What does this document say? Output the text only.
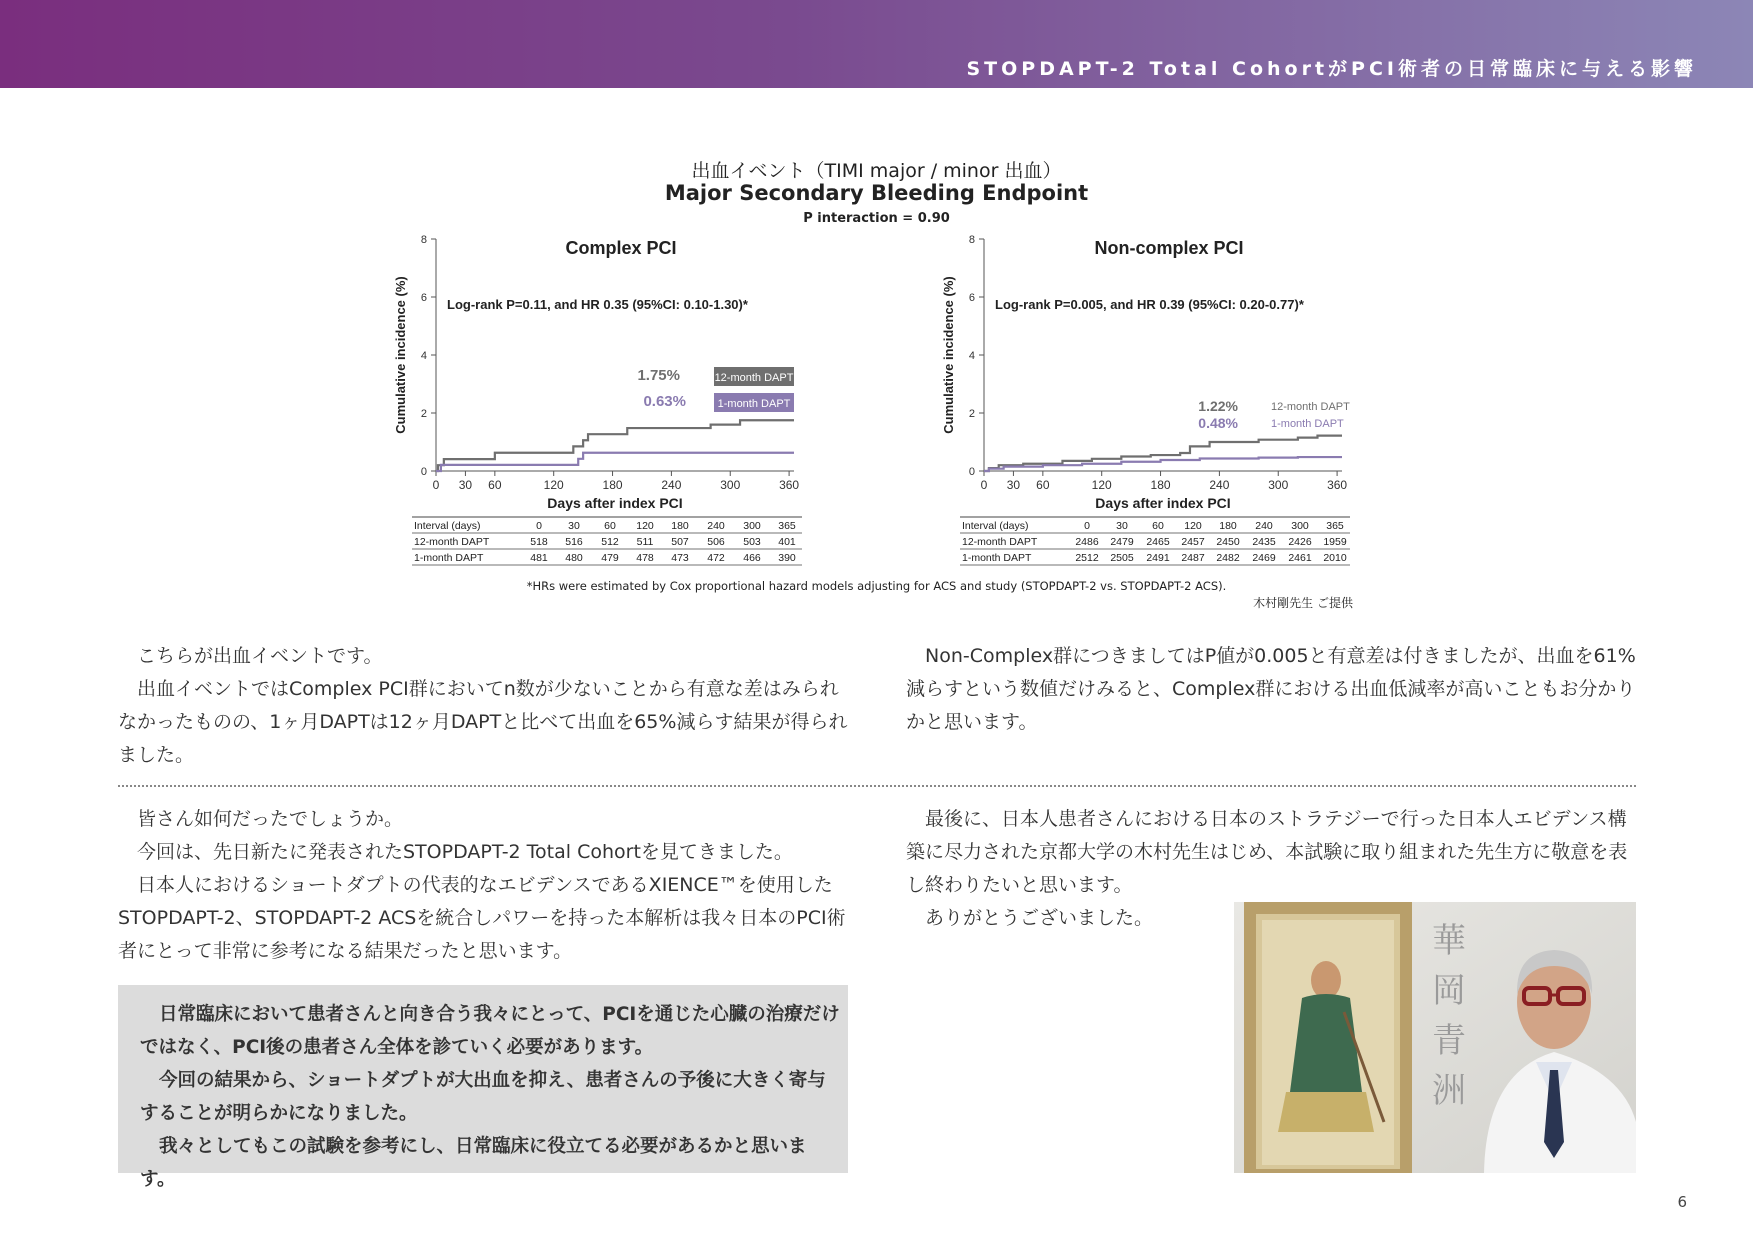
STOPDAPT-2 Total CohortがPCI術者の日常臨床に与える影響
出血イベント（TIMI major / minor 出血）
Major Secondary Bleeding Endpoint
P interaction = 0.90
0
2
4
6
8
0 30 60	120	180	240	300	360
Cumulative incidence (%)
Days after index PCI
Complex PCI
Log-rank P=0.11, and HR 0.35 (95%CI: 0.10-1.30)*
1.75%	12-month DAPT
0.63%	1-month DAPT
Interval (days)	0 30 60 120 180 240 300 365
12-month DAPT	518 516 512 511 507 506 503 401
1-month DAPT	481 480 479 478 473 472 466 390
0
2
4
6
8
0 30 60	120	180	240	300	360
Cumulative incidence (%)
Days after index PCI
Non-complex PCI
Log-rank P=0.005, and HR 0.39 (95%CI: 0.20-0.77)*
1.22%	12-month DAPT
0.48%	1-month DAPT
Interval (days)	0 30 60 120 180 240 300 365
12-month DAPT	2486 2479 2465 2457 2450 2435 2426 1959
1-month DAPT	2512 2505 2491 2487 2482 2469 2461 2010
*HRs were estimated by Cox proportional hazard models adjusting for ACS and study (STOPDAPT-2 vs. STOPDAPT-2 ACS).
木村剛先生 ご提供

こちらが出血イベントです。

出血イベントではComplex PCI群においてn数が少ないことから有意な差はみられなかったものの、1ヶ月DAPTは12ヶ月DAPTと比べて出血を65%減らす結果が得られました。

Non-Complex群につきましてはP値が0.005と有意差は付きましたが、出血を61%減らすという数値だけみると、Complex群における出血低減率が高いこともお分かりかと思います。

皆さん如何だったでしょうか。

今回は、先日新たに発表されたSTOPDAPT-2 Total Cohortを見てきました。

日本人におけるショートダプトの代表的なエビデンスであるXIENCE™を使用したSTOPDAPT-2、STOPDAPT-2 ACSを統合しパワーを持った本解析は我々日本のPCI術者にとって非常に参考になる結果だったと思います。

最後に、日本人患者さんにおける日本のストラテジーで行った日本人エビデンス構築に尽力された京都大学の木村先生はじめ、本試験に取り組まれた先生方に敬意を表し終わりたいと思います。

ありがとうございました。

日常臨床において患者さんと向き合う我々にとって、PCIを通じた心臓の治療だけではなく、PCI後の患者さん全体を診ていく必要があります。

今回の結果から、ショートダプトが大出血を抑え、患者さんの予後に大きく寄与することが明らかになりました。

我々としてもこの試験を参考にし、日常臨床に役立てる必要があるかと思います。

華
岡
青
洲
6
